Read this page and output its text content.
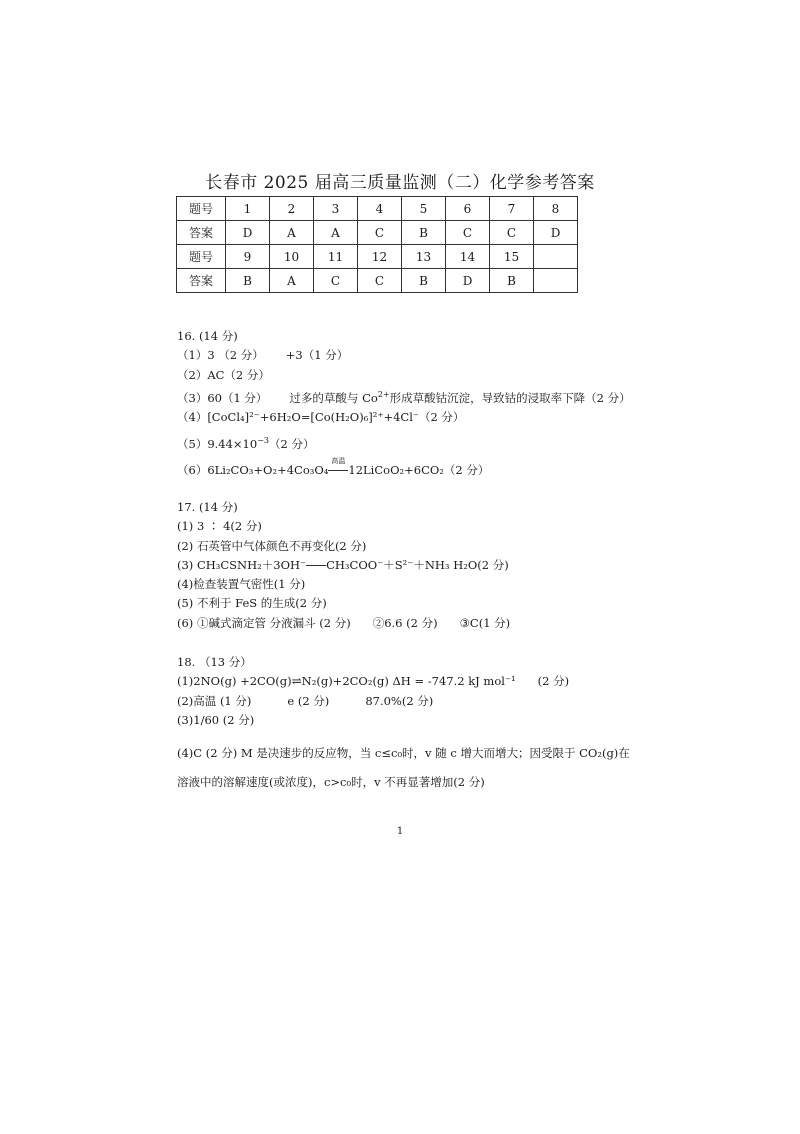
长春市 2025 届高三质量监测（二）化学参考答案
题号	1	2	3	4	5	6	7	8
答案	D	A	A	C	B	C	C	D
题号	9	10	11	12	13	14	15	
答案	B	A	C	C	B	D	B	
16. (14 分)
（1）3 （2 分） +3（1 分）
（2）AC（2 分）
（3）60（1 分） 过多的草酸与 $Co^{2+}$形成草酸钴沉淀，导致钴的浸取率下降（2 分）
（4）[CoCl₄]²⁻+6H₂O=[Co(H₂O)₆]²⁺+4Cl⁻（2 分）
$(5)9.44\times 10^{-3}(2$ 分）
（6）6Li₂CO₃+O₂+4Co₃O₄
高温
12LiCoO₂+6CO₂（2 分）
17. (14 分)
(1) 3 ∶ 4(2 分)
(2) 石英管中气体颜色不再变化(2 分)
(3) CH₃CSNH₂＋3OH⁻ CH₃COO⁻＋S²⁻＋NH₃ H₂O(2 分)
(4)检查装置气密性(1 分)
(5) 不利于 FeS 的生成(2 分)
(6) ①碱式滴定管 分液漏斗 (2 分) ②6.6 (2 分) ③C(1 分)
18. （13 分）
(1)2NO(g) +2CO(g)⇌N₂(g)+2CO₂(g) ΔH = -747.2 kJ mol⁻¹ (2 分)
(2)高温 (1 分)	e (2 分)	87.0%(2 分)
(3)1/60 (2 分)
(4)C (2 分) M 是决速步的反应物，当 c≤c₀时，v 随 c 增大而增大；因受限于 CO₂(g)在
溶液中的溶解速度(或浓度)，c>c₀时，v 不再显著增加(2 分)
1
